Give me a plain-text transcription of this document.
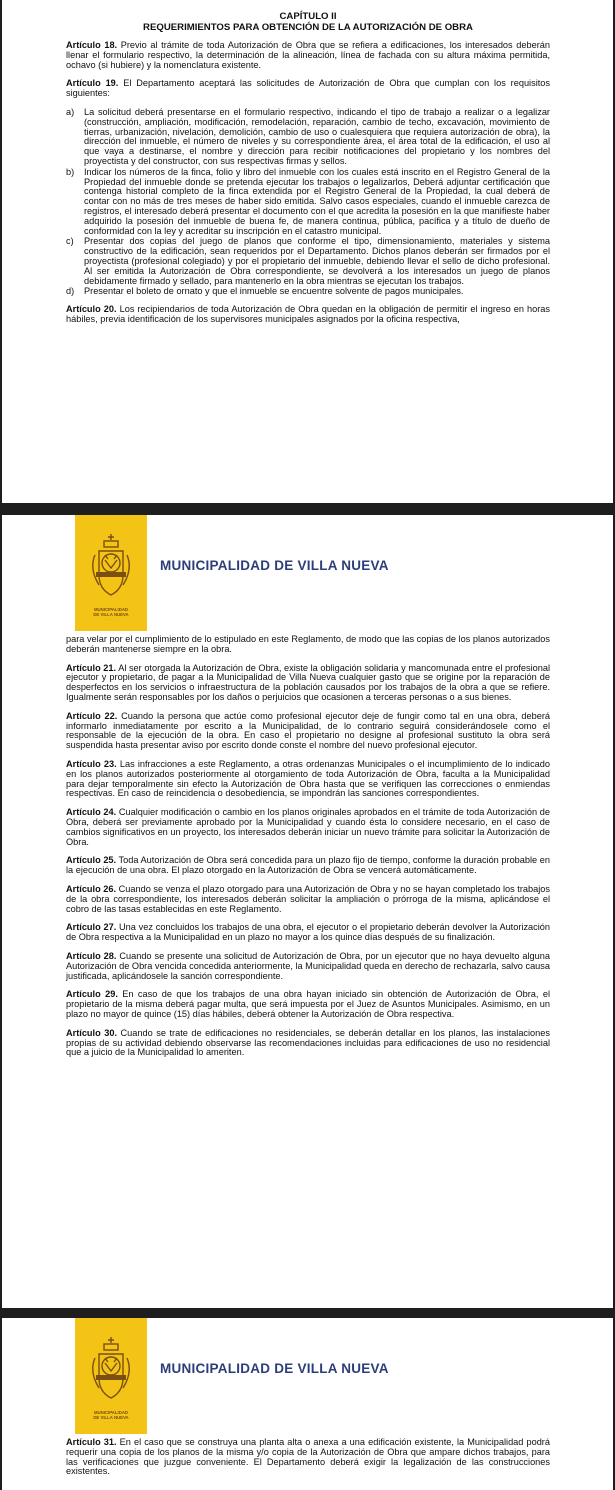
CAPÍTULO II
REQUERIMIENTOS PARA OBTENCIÓN DE LA AUTORIZACIÓN DE OBRA

Artículo 18. Previo al trámite de toda Autorización de Obra que se refiera a edificaciones, los interesados deberán llenar el formulario respectivo, la determinación de la alineación, línea de fachada con su altura máxima permitida, ochavo (si hubiere) y la nomenclatura existente.

Artículo 19. El Departamento aceptará las solicitudes de Autorización de Obra que cumplan con los requisitos siguientes:

a) La solicitud deberá presentarse en el formulario respectivo, indicando el tipo de trabajo a realizar o a legalizar (construcción, ampliación, modificación, remodelación, reparación, cambio de techo, excavación, movimiento de tierras, urbanización, nivelación, demolición, cambio de uso o cualesquiera que requiera autorización de obra), la dirección del inmueble, el número de niveles y su correspondiente área, el área total de la edificación, el uso al que vaya a destinarse, el nombre y dirección para recibir notificaciones del propietario y los nombres del proyectista y del constructor, con sus respectivas firmas y sellos.
b) Indicar los números de la finca, folio y libro del inmueble con los cuales está inscrito en el Registro General de la Propiedad del inmueble donde se pretenda ejecutar los trabajos o legalizarlos, Deberá adjuntar certificación que contenga historial completo de la finca extendida por el Registro General de la Propiedad, la cual deberá de contar con no más de tres meses de haber sido emitida. Salvo casos especiales, cuando el inmueble carezca de registros, el interesado deberá presentar el documento con el que acredita la posesión en la que manifieste haber adquirido la posesión del inmueble de buena fe, de manera continua, pública, pacífica y a título de dueño de conformidad con la ley y acreditar su inscripción en el catastro municipal.
c) Presentar dos copias del juego de planos que conforme el tipo, dimensionamiento, materiales y sistema constructivo de la edificación, sean requeridos por el Departamento. Dichos planos deberán ser firmados por el proyectista (profesional colegiado) y por el propietario del inmueble, debiendo llevar el sello de dicho profesional. Al ser emitida la Autorización de Obra correspondiente, se devolverá a los interesados un juego de planos debidamente firmado y sellado, para mantenerlo en la obra mientras se ejecutan los trabajos.
d) Presentar el boleto de ornato y que el inmueble se encuentre solvente de pagos municipales.

Artículo 20. Los recipiendarios de toda Autorización de Obra quedan en la obligación de permitir el ingreso en horas hábiles, previa identificación de los supervisores municipales asignados por la oficina respectiva,

MUNICIPALIDAD
DE VILLA NUEVA
· · · · · · · · ·
MUNICIPALIDAD DE VILLA NUEVA

para velar por el cumplimiento de lo estipulado en este Reglamento, de modo que las copias de los planos autorizados deberán mantenerse siempre en la obra.

Artículo 21. Al ser otorgada la Autorización de Obra, existe la obligación solidaria y mancomunada entre el profesional ejecutor y propietario, de pagar a la Municipalidad de Villa Nueva cualquier gasto que se origine por la reparación de desperfectos en los servicios o infraestructura de la población causados por los trabajos de la obra a que se refiere. Igualmente serán responsables por los daños o perjuicios que ocasionen a terceras personas o a sus bienes.

Artículo 22. Cuando la persona que actúe como profesional ejecutor deje de fungir como tal en una obra, deberá informarlo inmediatamente por escrito a la Municipalidad, de lo contrario seguirá considerándosele como el responsable de la ejecución de la obra. En caso el propietario no designe al profesional sustituto la obra será suspendida hasta presentar aviso por escrito donde conste el nombre del nuevo profesional ejecutor.

Artículo 23. Las infracciones a este Reglamento, a otras ordenanzas Municipales o el incumplimiento de lo indicado en los planos autorizados posteriormente al otorgamiento de toda Autorización de Obra, faculta a la Municipalidad para dejar temporalmente sin efecto la Autorización de Obra hasta que se verifiquen las correcciones o enmiendas respectivas. En caso de reincidencia o desobediencia, se impondrán las sanciones correspondientes.

Artículo 24. Cualquier modificación o cambio en los planos originales aprobados en el trámite de toda Autorización de Obra, deberá ser previamente aprobado por la Municipalidad y cuando ésta lo considere necesario, en el caso de cambios significativos en un proyecto, los interesados deberán iniciar un nuevo trámite para solicitar la Autorización de Obra.

Artículo 25. Toda Autorización de Obra será concedida para un plazo fijo de tiempo, conforme la duración probable en la ejecución de una obra. El plazo otorgado en la Autorización de Obra se vencerá automáticamente.

Artículo 26. Cuando se venza el plazo otorgado para una Autorización de Obra y no se hayan completado los trabajos de la obra correspondiente, los interesados deberán solicitar la ampliación o prórroga de la misma, aplicándose el cobro de las tasas establecidas en este Reglamento.

Artículo 27. Una vez concluidos los trabajos de una obra, el ejecutor o el propietario deberán devolver la Autorización de Obra respectiva a la Municipalidad en un plazo no mayor a los quince días después de su finalización.

Artículo 28. Cuando se presente una solicitud de Autorización de Obra, por un ejecutor que no haya devuelto alguna Autorización de Obra vencida concedida anteriormente, la Municipalidad queda en derecho de rechazarla, salvo causa justificada, aplicándosele la sanción correspondiente.

Artículo 29. En caso de que los trabajos de una obra hayan iniciado sin obtención de Autorización de Obra, el propietario de la misma deberá pagar multa, que será impuesta por el Juez de Asuntos Municipales. Asimismo, en un plazo no mayor de quince (15) días hábiles, deberá obtener la Autorización de Obra respectiva.

Artículo 30. Cuando se trate de edificaciones no residenciales, se deberán detallar en los planos, las instalaciones propias de su actividad debiendo observarse las recomendaciones incluidas para edificaciones de uso no residencial que a juicio de la Municipalidad lo ameriten.

MUNICIPALIDAD
DE VILLA NUEVA
· · · · · · · · ·
MUNICIPALIDAD DE VILLA NUEVA

Artículo 31. En el caso que se construya una planta alta o anexa a una edificación existente, la Municipalidad podrá requerir una copia de los planos de la misma y/o copia de la Autorización de Obra que ampare dichos trabajos, para las verificaciones que juzgue conveniente. El Departamento deberá exigir la legalización de las construcciones existentes.
